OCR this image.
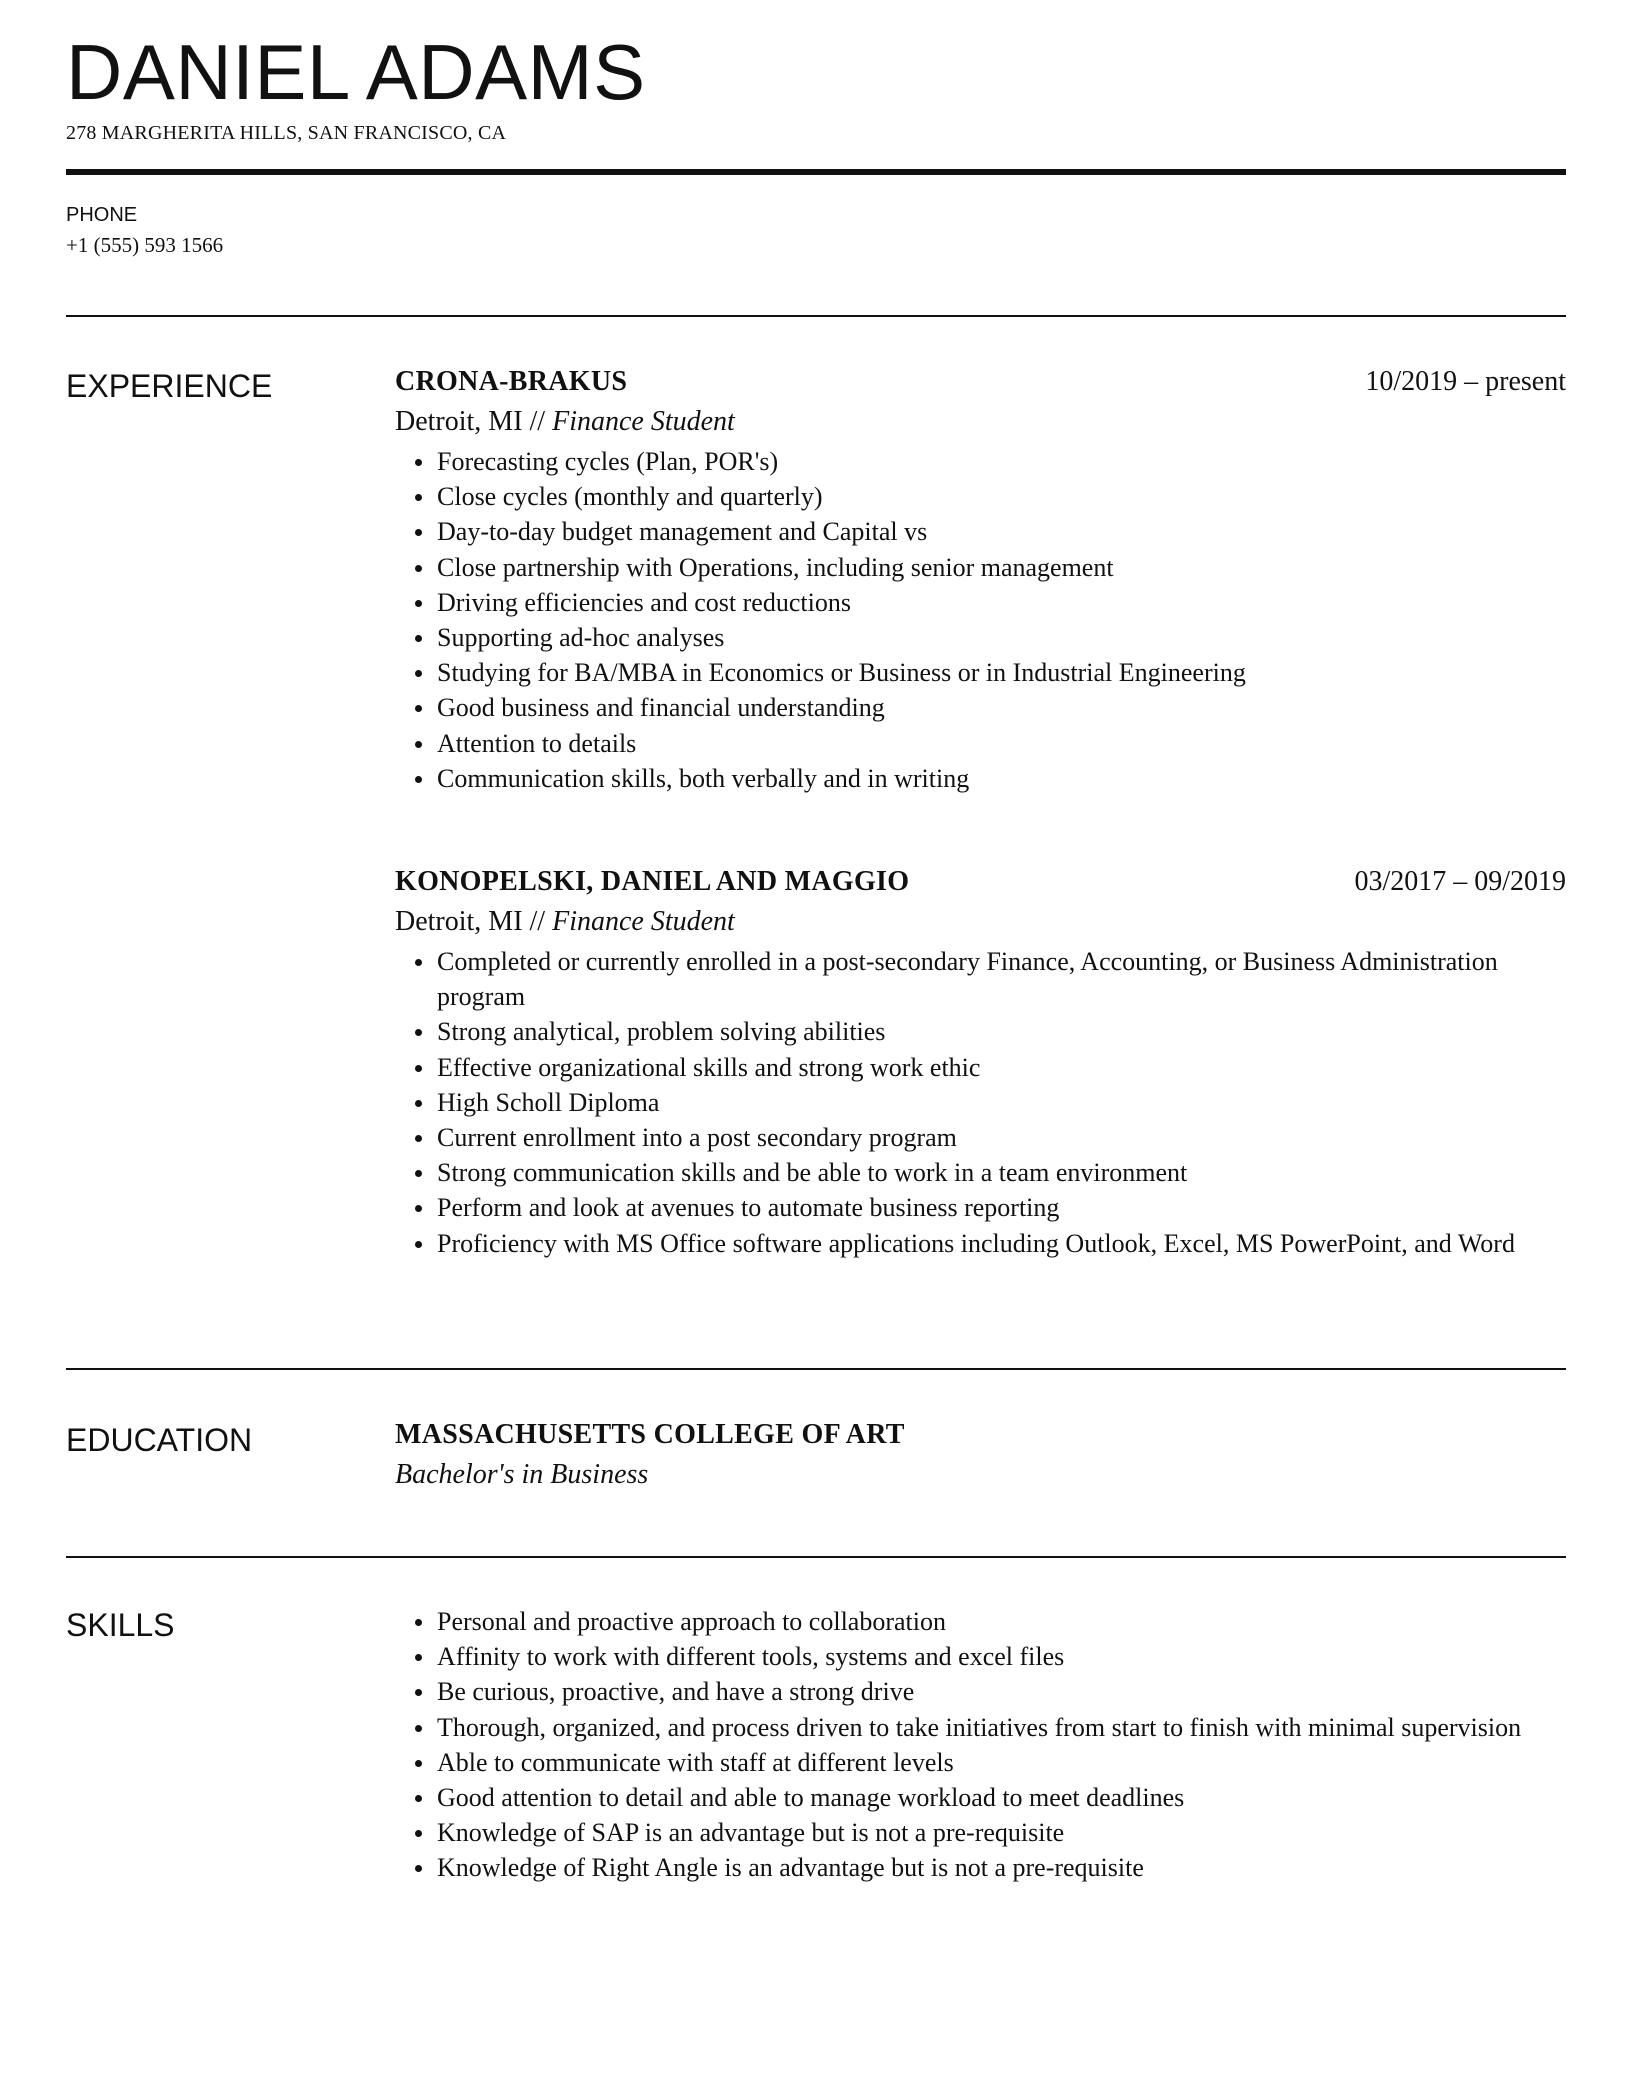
DANIEL ADAMS
278 MARGHERITA HILLS, SAN FRANCISCO, CA
PHONE
+1 (555) 593 1566
EXPERIENCE	CRONA-BRAKUS	10/2019 – present
Detroit, MI // Finance Student
Forecasting cycles (Plan, POR's)
Close cycles (monthly and quarterly)
Day-to-day budget management and Capital vs
Close partnership with Operations, including senior management
Driving efficiencies and cost reductions
Supporting ad-hoc analyses
Studying for BA/MBA in Economics or Business or in Industrial Engineering
Good business and financial understanding
Attention to details
Communication skills, both verbally and in writing
KONOPELSKI, DANIEL AND MAGGIO	03/2017 – 09/2019
Detroit, MI // Finance Student
Completed or currently enrolled in a post-secondary Finance, Accounting, or Business Administration program
Strong analytical, problem solving abilities
Effective organizational skills and strong work ethic
High Scholl Diploma
Current enrollment into a post secondary program
Strong communication skills and be able to work in a team environment
Perform and look at avenues to automate business reporting
Proficiency with MS Office software applications including Outlook, Excel, MS PowerPoint, and Word
EDUCATION	MASSACHUSETTS COLLEGE OF ART
Bachelor's in Business
SKILLS	Personal and proactive approach to collaboration
Affinity to work with different tools, systems and excel files
Be curious, proactive, and have a strong drive
Thorough, organized, and process driven to take initiatives from start to finish with minimal supervision
Able to communicate with staff at different levels
Good attention to detail and able to manage workload to meet deadlines
Knowledge of SAP is an advantage but is not a pre-requisite
Knowledge of Right Angle is an advantage but is not a pre-requisite
